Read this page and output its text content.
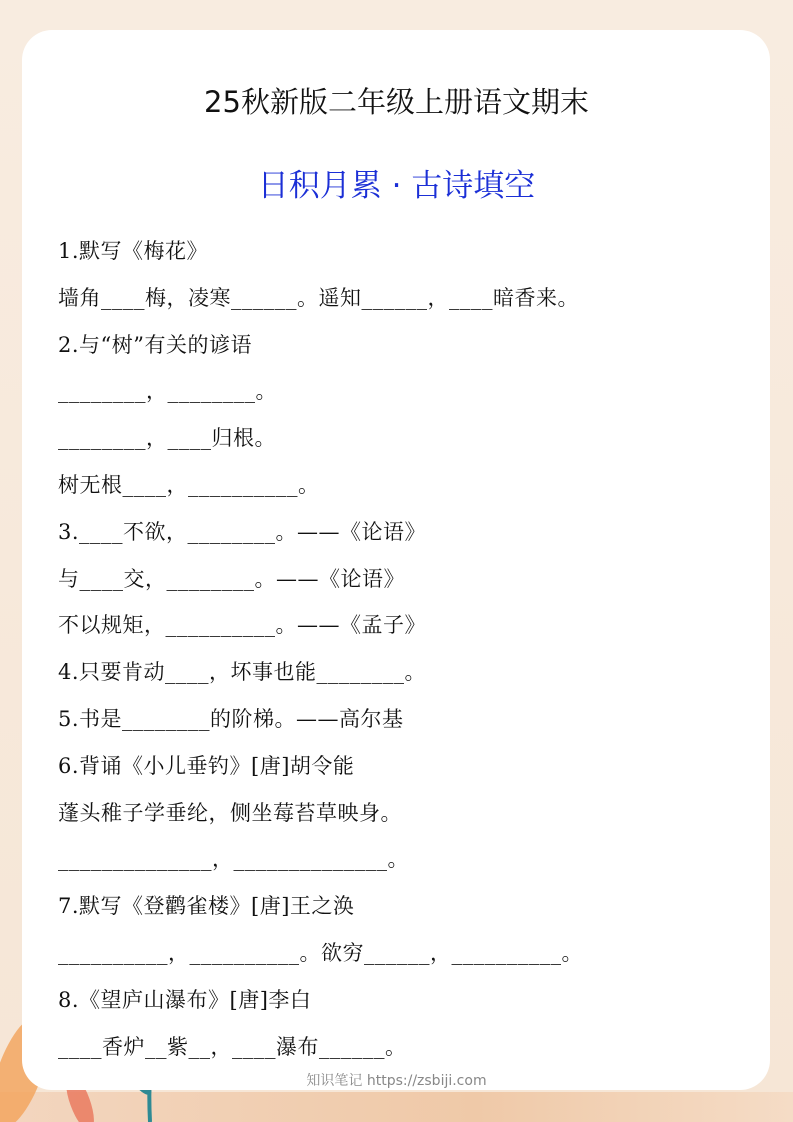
25秋新版二年级上册语文期末
日积月累 · 古诗填空
1.默写《梅花》
墙角____梅，凌寒______。遥知______，____暗香来。
2.与“树”有关的谚语
________，________。
________，____归根。
树无根____，__________。
3.____不欲，________。——《论语》
与____交，________。——《论语》
不以规矩，__________。——《孟子》
4.只要肯动____，坏事也能________。
5.书是________的阶梯。——高尔基
6.背诵《小儿垂钓》[唐]胡令能
蓬头稚子学垂纶，侧坐莓苔草映身。
______________，______________。
7.默写《登鹳雀楼》[唐]王之涣
__________，__________。欲穷______，__________。
8.《望庐山瀑布》[唐]李白
____香炉__紫__，____瀑布______。
知识笔记 https://zsbiji.com
